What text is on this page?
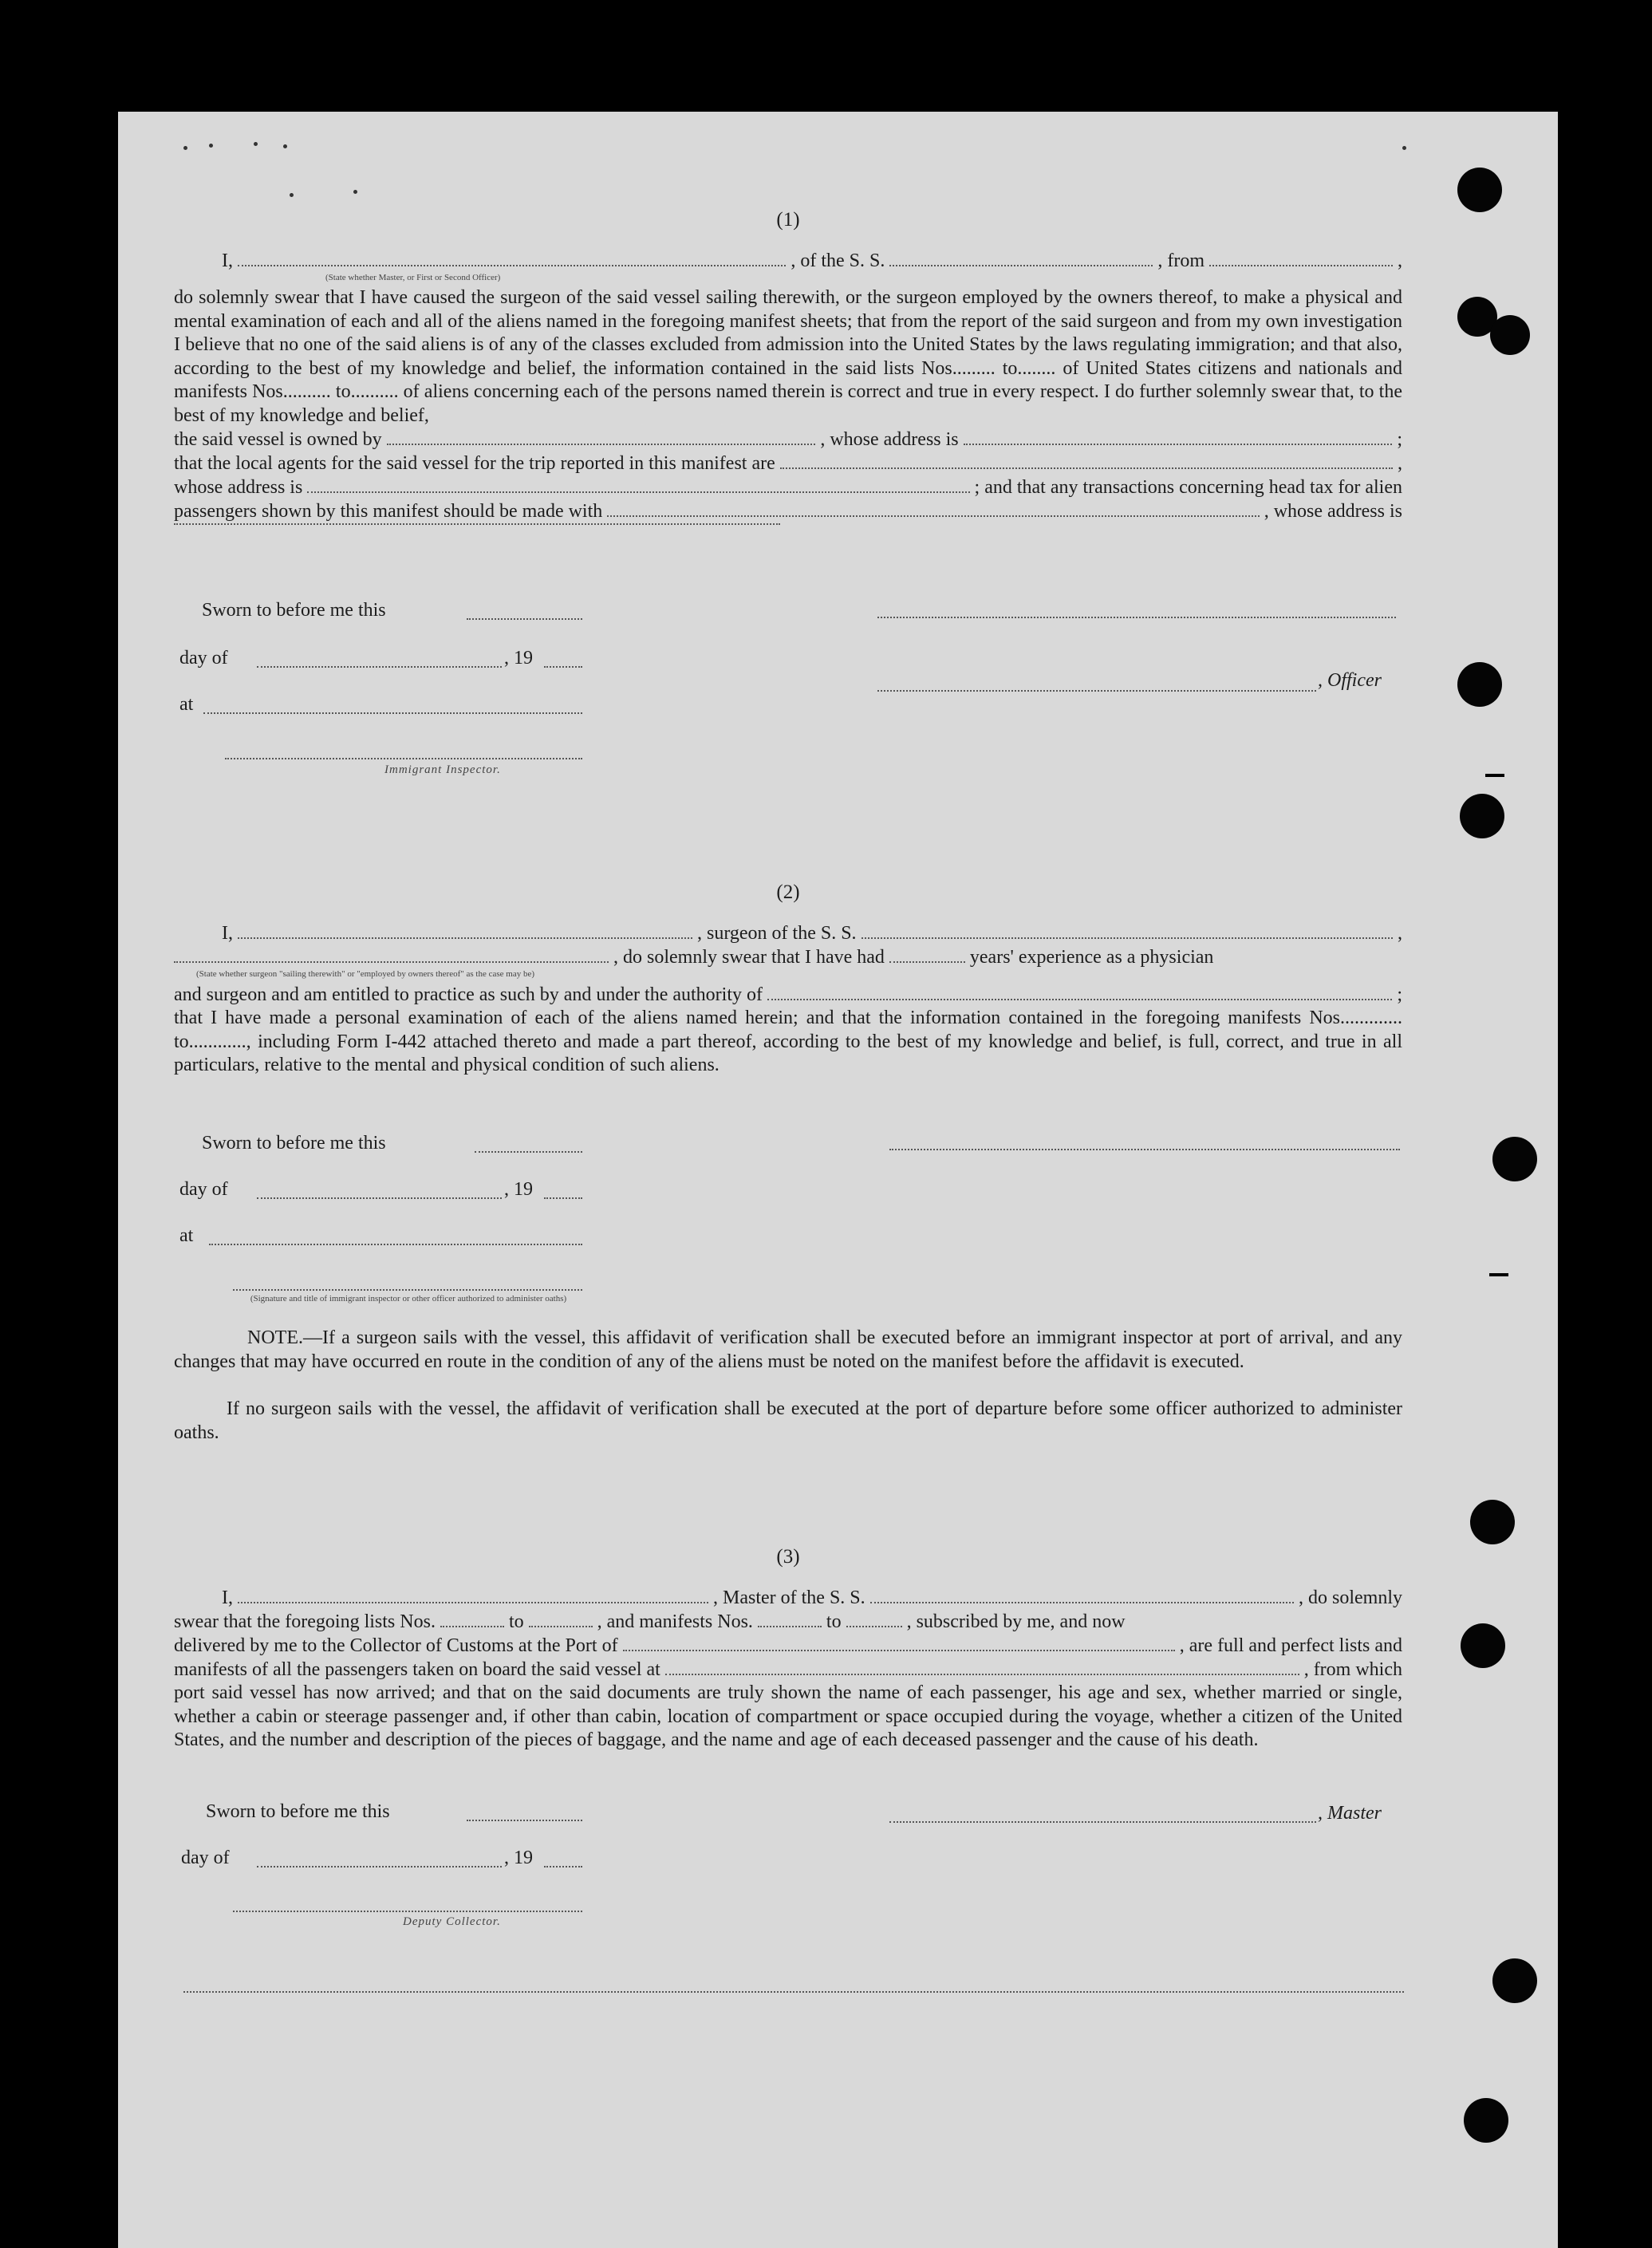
(1)
I,	, of the S. S.	, from	,
(State whether Master, or First or Second Officer)
do solemnly swear that I have caused the surgeon of the said vessel sailing therewith, or the surgeon employed by the owners thereof, to make a physical and mental examination of each and all of the aliens named in the foregoing manifest sheets; that from the report of the said surgeon and from my own investigation I believe that no one of the said aliens is of any of the classes excluded from admission into the United States by the laws regulating immigration; and that also, according to the best of my knowledge and belief, the information contained in the said lists Nos......... to........ of United States citizens and nationals and manifests Nos.......... to.......... of aliens concerning each of the persons named therein is correct and true in every respect. I do further solemnly swear that, to the best of my knowledge and belief,
the said vessel is owned by	, whose address is	;
that the local agents for the said vessel for the trip reported in this manifest are	,
whose address is	; and that any transactions concerning head tax for alien
passengers shown by this manifest should be made with	, whose address is
Sworn to before me this
day of	, 19
, Officer
at
Immigrant Inspector.
(2)
I,	, surgeon of the S. S.	,
, do solemnly swear that I have had	years' experience as a physician
(State whether surgeon "sailing therewith" or "employed by owners thereof" as the case may be)
and surgeon and am entitled to practice as such by and under the authority of	;
that I have made a personal examination of each of the aliens named herein; and that the information contained in the foregoing manifests Nos............. to............, including Form I-442 attached thereto and made a part thereof, according to the best of my knowledge and belief, is full, correct, and true in all particulars, relative to the mental and physical condition of such aliens.
Sworn to before me this
day of	, 19
at
(Signature and title of immigrant inspector or other officer authorized to administer oaths)
NOTE.—If a surgeon sails with the vessel, this affidavit of verification shall be executed before an immigrant inspector at port of arrival, and any changes that may have occurred en route in the condition of any of the aliens must be noted on the manifest before the affidavit is executed.
If no surgeon sails with the vessel, the affidavit of verification shall be executed at the port of departure before some officer authorized to administer oaths.
(3)
I,	, Master of the S. S.	, do solemnly
swear that the foregoing lists Nos.	to	, and manifests Nos.	to	, subscribed by me, and now
delivered by me to the Collector of Customs at the Port of	, are full and perfect lists and
manifests of all the passengers taken on board the said vessel at	, from which
port said vessel has now arrived; and that on the said documents are truly shown the name of each passenger, his age and sex, whether married or single, whether a cabin or steerage passenger and, if other than cabin, location of compartment or space occupied during the voyage, whether a citizen of the United States, and the number and description of the pieces of baggage, and the name and age of each deceased passenger and the cause of his death.
Sworn to before me this	, Master
day of	, 19
Deputy Collector.
